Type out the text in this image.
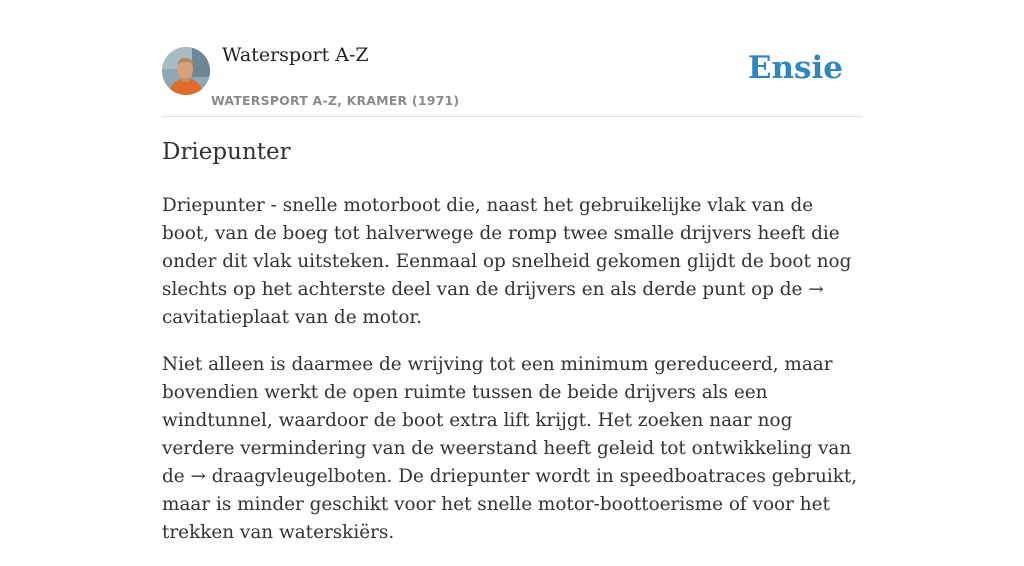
Watersport A-Z
WATERSPORT A-Z, KRAMER (1971)
Ensie
Driepunter

Driepunter - snelle motorboot die, naast het gebruikelijke vlak van de boot, van de boeg tot halverwege de romp twee smalle drijvers heeft die onder dit vlak uitsteken. Eenmaal op snelheid gekomen glijdt de boot nog slechts op het achterste deel van de drijvers en als derde punt op de → cavitatieplaat van de motor.

Niet alleen is daarmee de wrijving tot een minimum gereduceerd, maar bovendien werkt de open ruimte tussen de beide drijvers als een windtunnel, waardoor de boot extra lift krijgt. Het zoeken naar nog verdere vermindering van de weerstand heeft geleid tot ontwikkeling van de → draagvleugelboten. De driepunter wordt in speedboatraces gebruikt, maar is minder geschikt voor het snelle motor-boottoerisme of voor het trekken van waterskiërs.
